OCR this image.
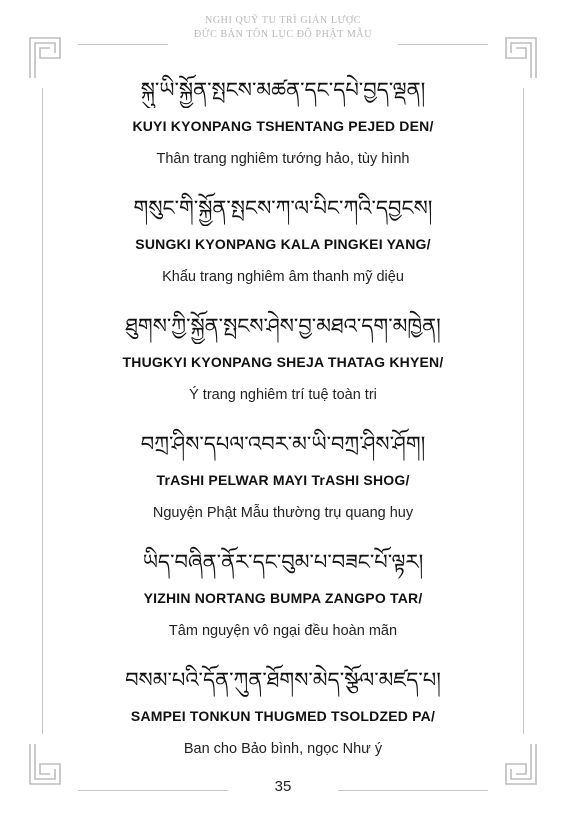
NGHI QUỸ TU TRÌ GIẢN LƯỢC
ĐỨC BẢN TÔN LỤC ĐỘ PHẬT MẪU
སྐུ་ཡི་སྐྱོན་སྤངས་མཚན་དང་དཔེ་བྱད་ལྡན།
KUYI KYONPANG TSHENTANG PEJED DEN/
Thân trang nghiêm tướng hảo, tùy hình
གསུང་གི་སྐྱོན་སྤངས་ཀ་ལ་པིང་ཀའི་དབྱངས།
SUNGKI KYONPANG KALA PINGKEI YANG/
Khẩu trang nghiêm âm thanh mỹ diệu
ཐུགས་ཀྱི་སྐྱོན་སྤངས་ཤེས་བྱ་མཐའ་དག་མཁྱེན།
THUGKYI KYONPANG SHEJA THATAG KHYEN/
Ý trang nghiêm trí tuệ toàn tri
བཀྲ་ཤིས་དཔལ་འབར་མ་ཡི་བཀྲ་ཤིས་ཤོག།
TrASHI PELWAR MAYI TrASHI SHOG/
Nguyện Phật Mẫu thường trụ quang huy
ཡིད་བཞིན་ནོར་དང་བུམ་པ་བཟང་པོ་ལྟར།
YIZHIN NORTANG BUMPA ZANGPO TAR/
Tâm nguyện vô ngại đều hoàn mãn
བསམ་པའི་དོན་ཀུན་ཐོགས་མེད་སྩོལ་མཛད་པ།
SAMPEI TONKUN THUGMED TSOLDZED PA/
Ban cho Bảo bình, ngọc Như ý
35
